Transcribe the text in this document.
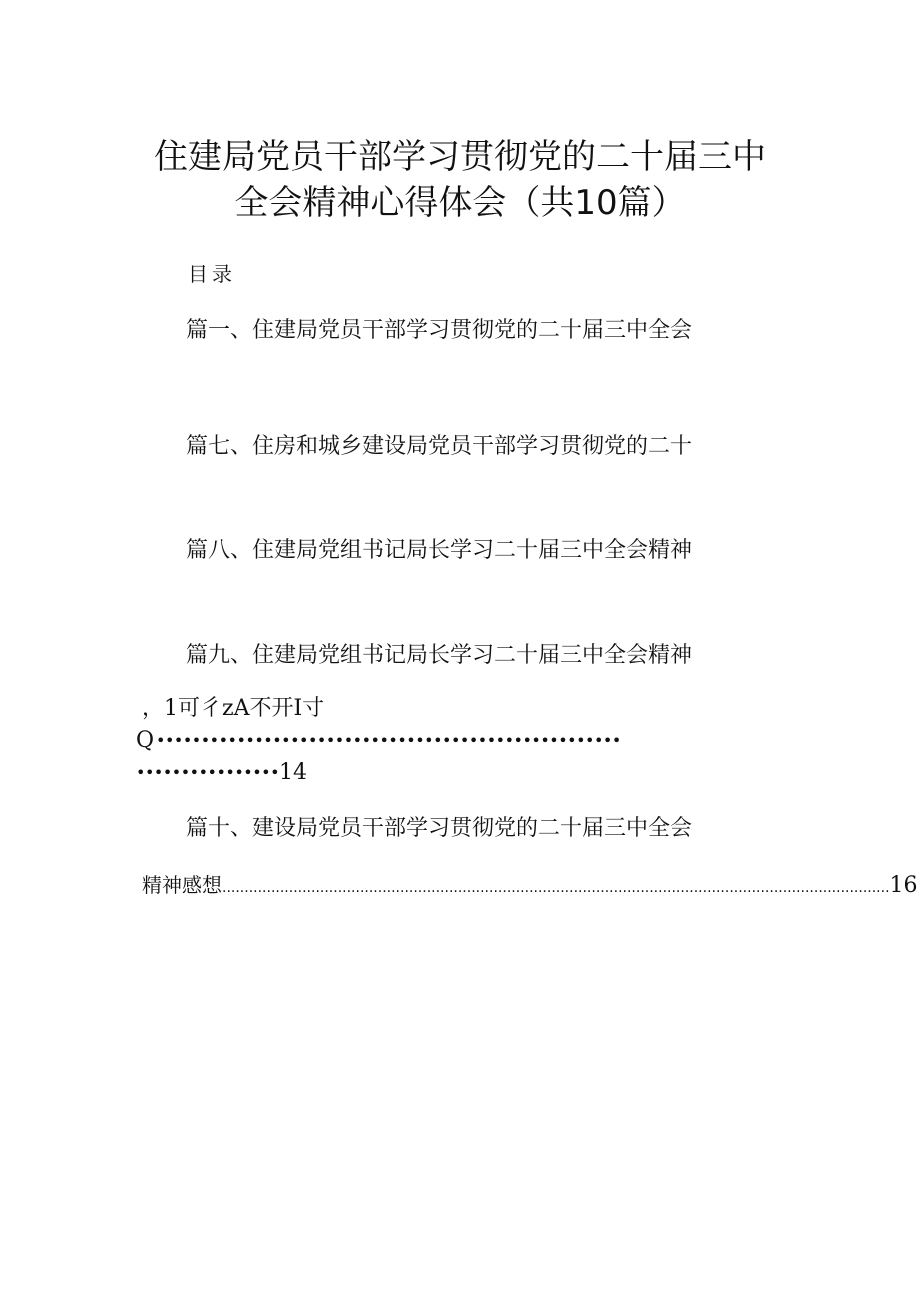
住建局党员干部学习贯彻党的二十届三中
全会精神心得体会（共10篇）
目录
篇一、住建局党员干部学习贯彻党的二十届三中全会
篇七、住房和城乡建设局党员干部学习贯彻党的二十
篇八、住建局党组书记局长学习二十届三中全会精神
篇九、住建局党组书记局长学习二十届三中全会精神
，1可彳zA不开I寸
Q ••••••••••••••••••••••••••••••••••••••••••••••••••••
••••••••••••••••14
篇十、建设局党员干部学习贯彻党的二十届三中全会
精神感想 ...................................................................................................................................................... 16
